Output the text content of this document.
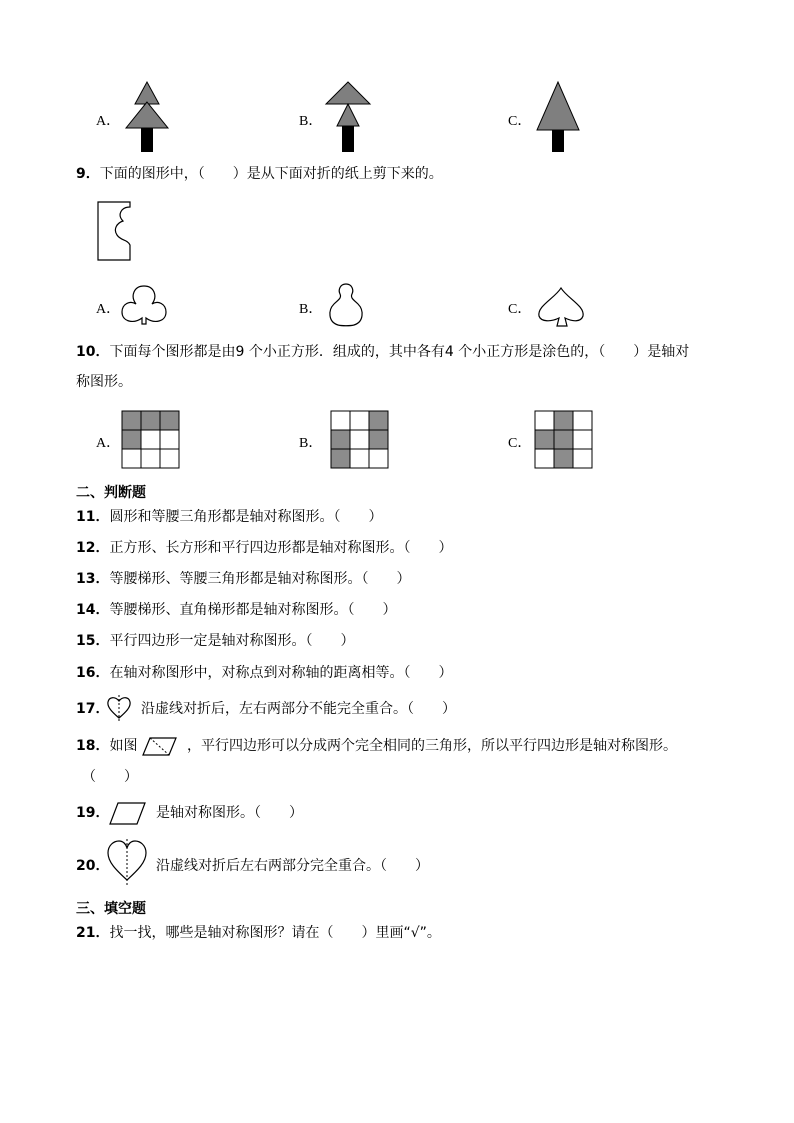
A．	B．	C．
9．下面的图形中，（　　）是从下面对折的纸上剪下来的。
A．	B．	C．
10．下面每个图形都是由9 个小正方形．组成的，其中各有4 个小正方形是涂色的，（　　）是轴对
称图形。
A．	B．	C．
二、判断题
11．圆形和等腰三角形都是轴对称图形。（　　）
12．正方形、长方形和平行四边形都是轴对称图形。（　　）
13．等腰梯形、等腰三角形都是轴对称图形。（　　）
14．等腰梯形、直角梯形都是轴对称图形。（　　）
15．平行四边形一定是轴对称图形。（　　）
16．在轴对称图形中，对称点到对称轴的距离相等。（　　）
17． 沿虚线对折后，左右两部分不能完全重合。（　　）
18．如图	，平行四边形可以分成两个完全相同的三角形，所以平行四边形是轴对称图形。
（　　）
19．	是轴对称图形。（　　）
20．	沿虚线对折后左右两部分完全重合。（　　）
三、填空题
21．找一找，哪些是轴对称图形？请在（　　）里画“√”。
